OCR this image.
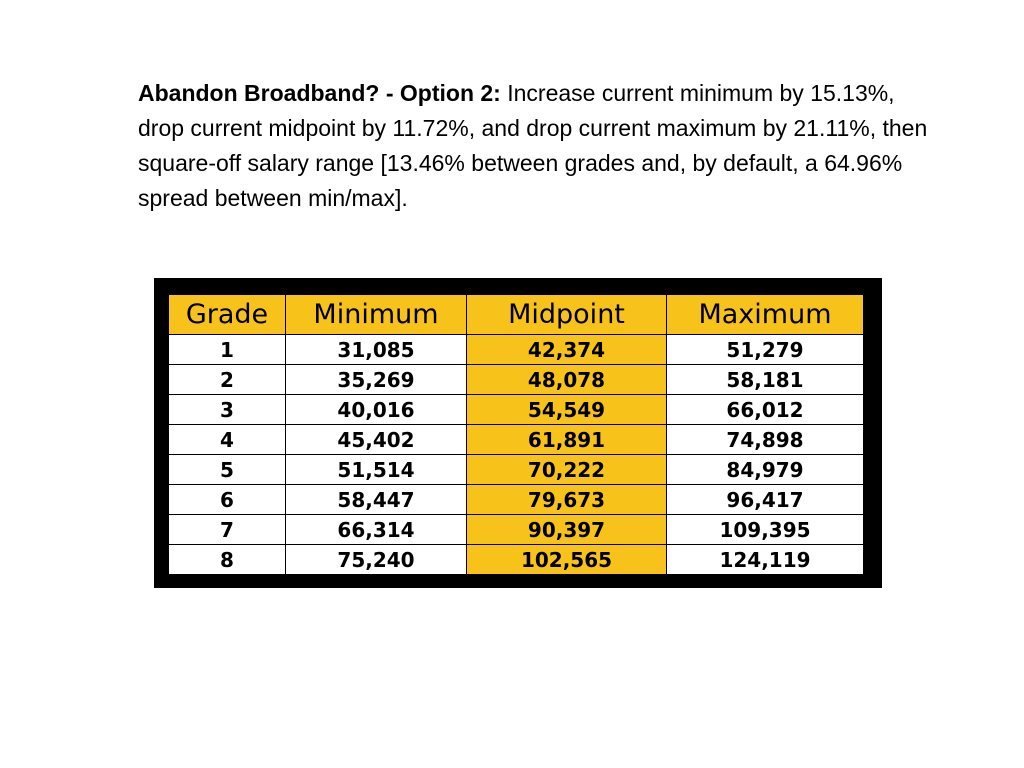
Abandon Broadband? - Option 2: Increase current minimum by 15.13%, drop current midpoint by 11.72%, and drop current maximum by 21.11%, then square-off salary range [13.46% between grades and, by default, a 64.96% spread between min/max].
Grade	Minimum	Midpoint	Maximum
1	31,085	42,374	51,279
2	35,269	48,078	58,181
3	40,016	54,549	66,012
4	45,402	61,891	74,898
5	51,514	70,222	84,979
6	58,447	79,673	96,417
7	66,314	90,397	109,395
8	75,240	102,565	124,119
